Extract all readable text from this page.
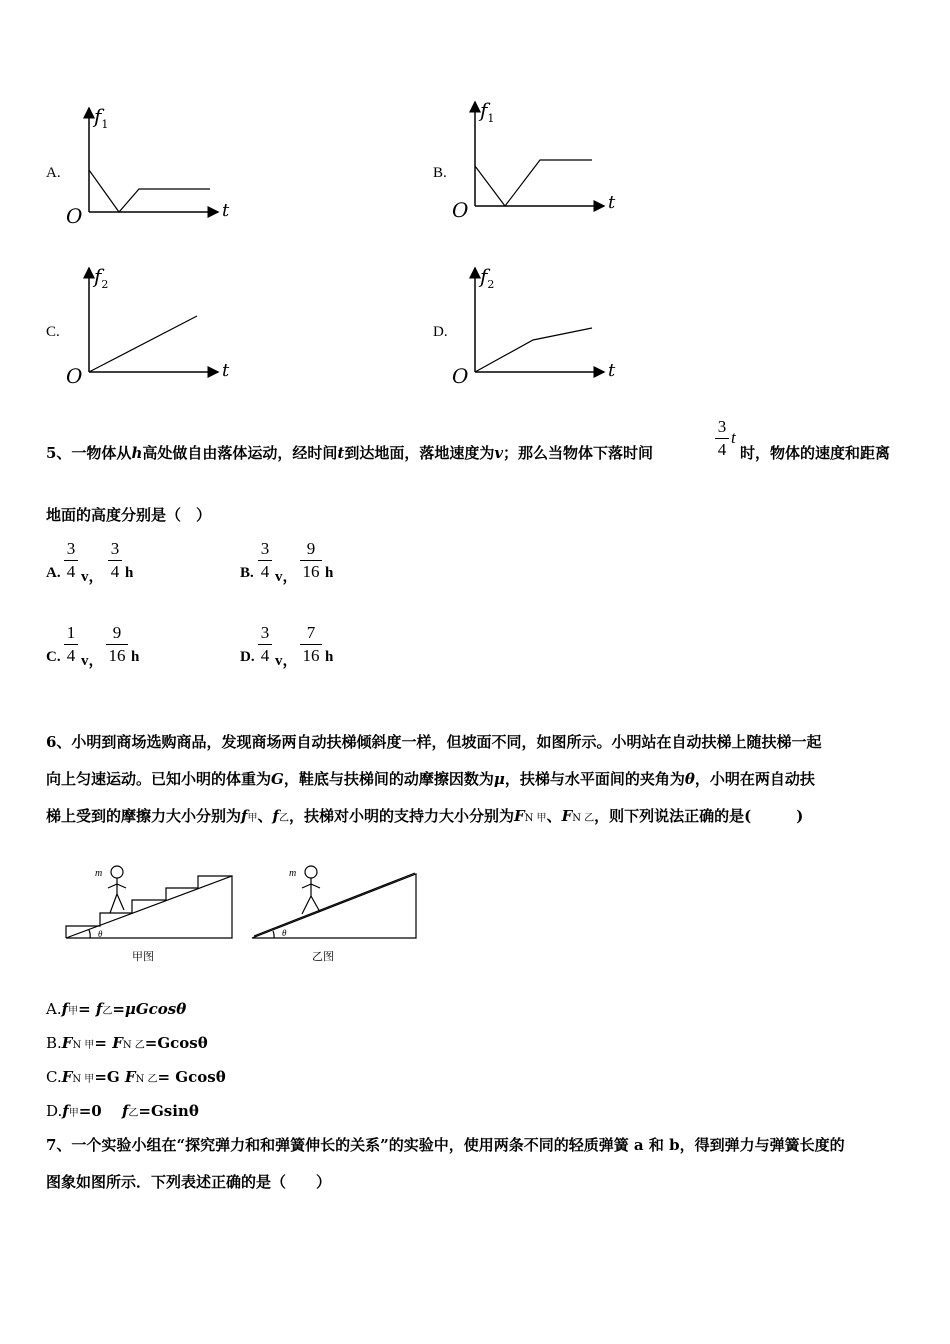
A.
$f_1$
O	t
B.
$f_1$
O	t
C.
$f_2$
O	t
D.
$f_2$
O	t
5、一物体从h高处做自由落体运动，经时间t到达地面，落地速度为v；那么当物体下落时间
3
4
t
时，物体的速度和距离
地面的高度分别是（　）
A.
3
4 v，
3
4 h	B.
3
4 v，
9
16 h
C.
1
4 v，
9
16 h	D.
3
4 v，
7
16 h
6、小明到商场选购商品，发现商场两自动扶梯倾斜度一样，但坡面不同，如图所示。小明站在自动扶梯上随扶梯一起
向上匀速运动。已知小明的体重为G，鞋底与扶梯间的动摩擦因数为μ，扶梯与水平面间的夹角为θ，小明在两自动扶
梯上受到的摩擦力大小分别为f甲、f乙，扶梯对小明的支持力大小分别为FN 甲、FN 乙，则下列说法正确的是(　　　)
m
θ
甲图
m
θ
乙图
A.f甲= f乙=μGcosθ
B.FN 甲= FN 乙=Gcosθ
C.FN 甲=G FN 乙= Gcosθ
D.f甲=0　 f乙=Gsinθ
7、一个实验小组在“探究弹力和和弹簧伸长的关系”的实验中，使用两条不同的轻质弹簧 a 和 b，得到弹力与弹簧长度的
图象如图所示．下列表述正确的是（　　）
